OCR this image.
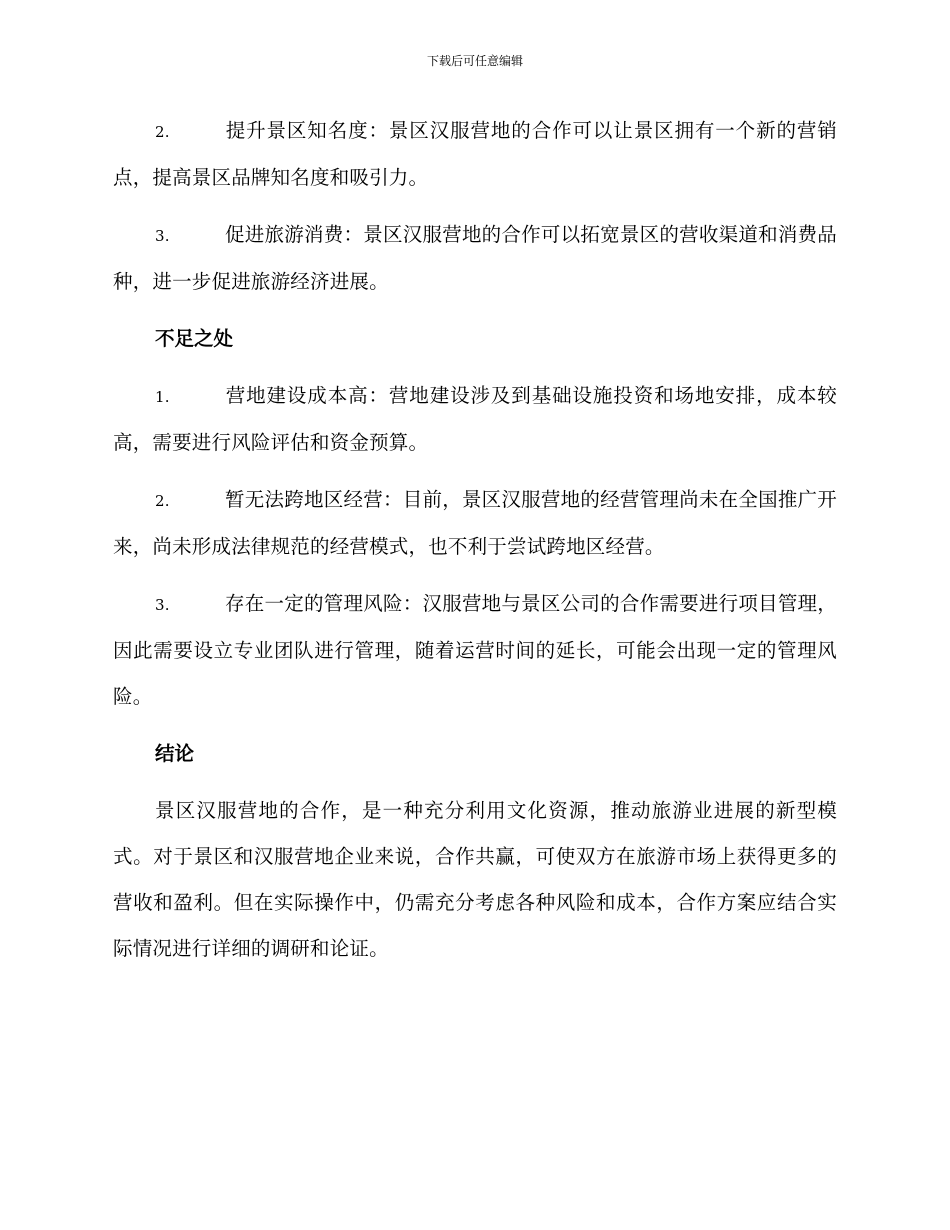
下载后可任意编辑
2.	提升景区知名度：景区汉服营地的合作可以让景区拥有一个新的营销点，提高景区品牌知名度和吸引力。
3.	促进旅游消费：景区汉服营地的合作可以拓宽景区的营收渠道和消费品种，进一步促进旅游经济进展。
不足之处
1.	营地建设成本高：营地建设涉及到基础设施投资和场地安排，成本较高，需要进行风险评估和资金预算。
2.	暂无法跨地区经营：目前，景区汉服营地的经营管理尚未在全国推广开来，尚未形成法律规范的经营模式，也不利于尝试跨地区经营。
3.	存在一定的管理风险：汉服营地与景区公司的合作需要进行项目管理，因此需要设立专业团队进行管理，随着运营时间的延长，可能会出现一定的管理风险。
结论
景区汉服营地的合作，是一种充分利用文化资源，推动旅游业进展的新型模式。对于景区和汉服营地企业来说，合作共赢，可使双方在旅游市场上获得更多的营收和盈利。但在实际操作中，仍需充分考虑各种风险和成本，合作方案应结合实际情况进行详细的调研和论证。
